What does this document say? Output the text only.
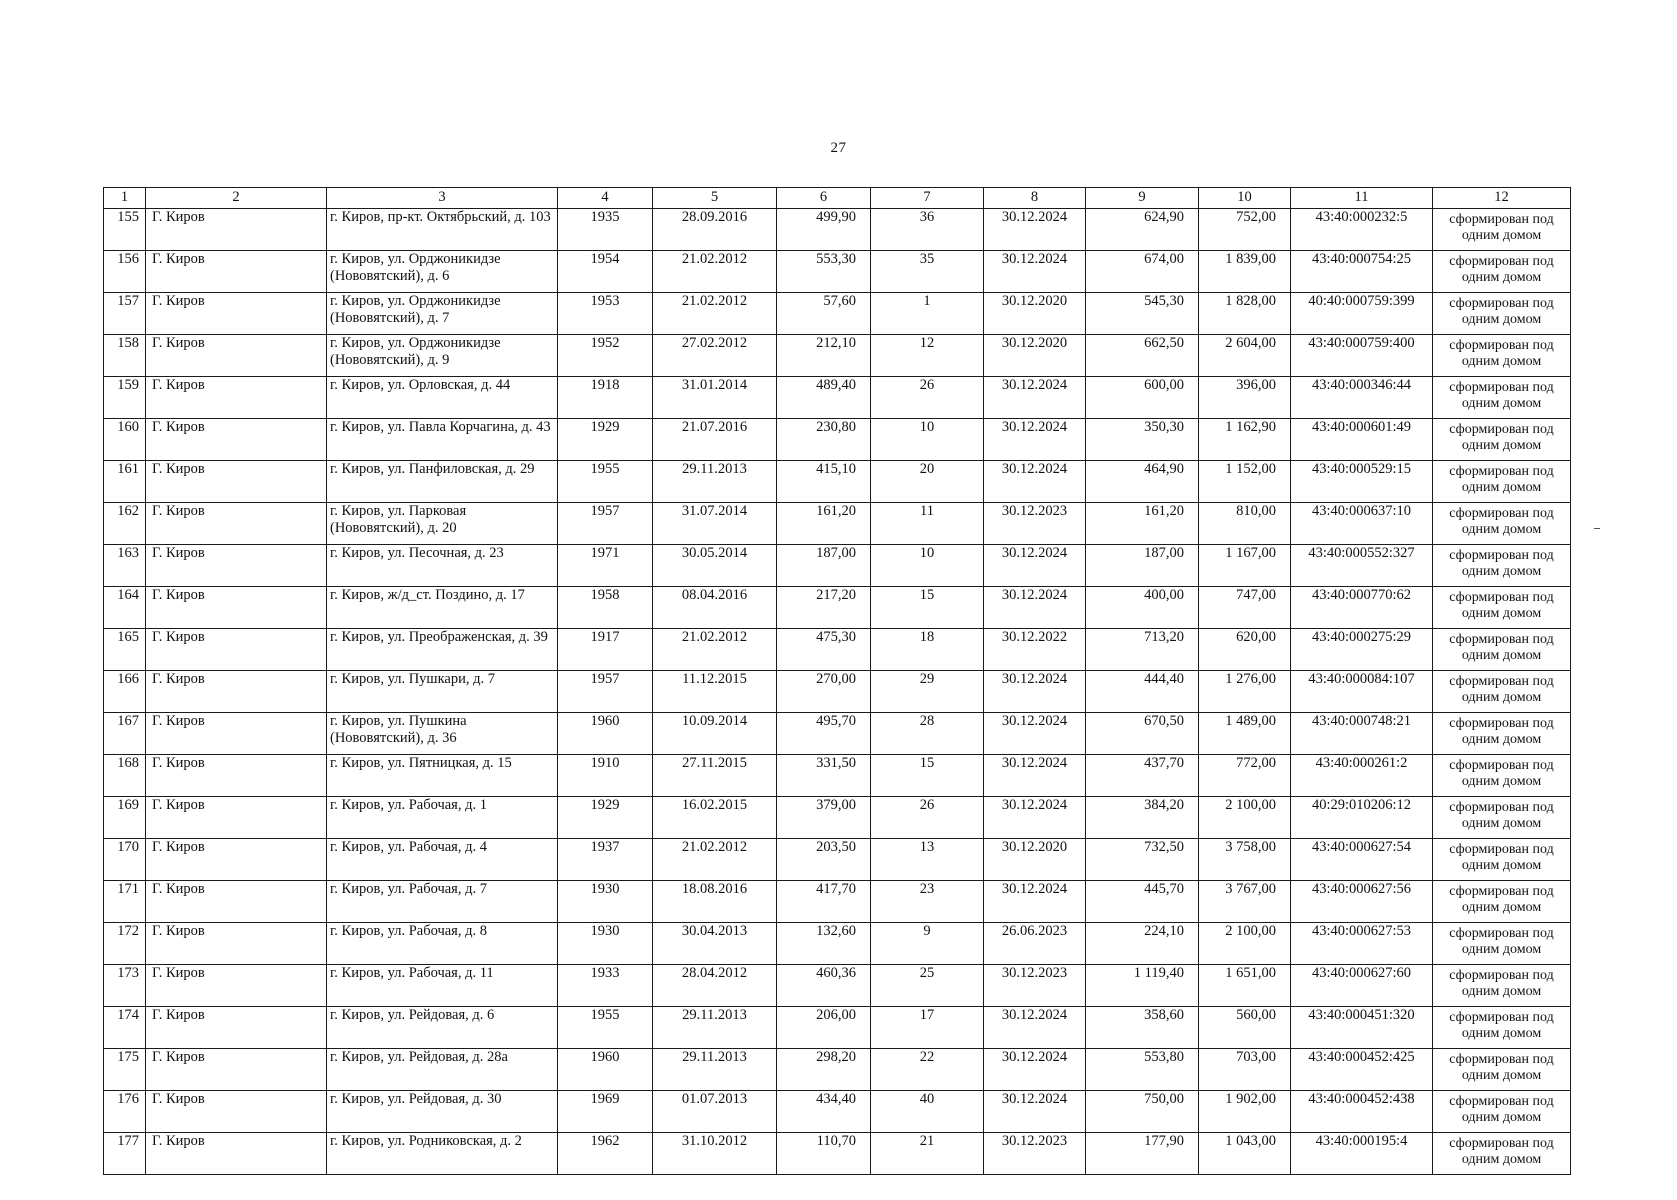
27
1	2	3	4	5	6	7	8	9	10	11	12
155	Г. Киров	г. Киров, пр-кт. Октябрьский, д. 103	1935	28.09.2016	499,90	36	30.12.2024	624,90	752,00	43:40:000232:5	сформирован под одним домом
156	Г. Киров	г. Киров, ул. Орджоникидзе (Нововятский), д. 6	1954	21.02.2012	553,30	35	30.12.2024	674,00	1 839,00	43:40:000754:25	сформирован под одним домом
157	Г. Киров	г. Киров, ул. Орджоникидзе (Нововятский), д. 7	1953	21.02.2012	57,60	1	30.12.2020	545,30	1 828,00	40:40:000759:399	сформирован под одним домом
158	Г. Киров	г. Киров, ул. Орджоникидзе (Нововятский), д. 9	1952	27.02.2012	212,10	12	30.12.2020	662,50	2 604,00	43:40:000759:400	сформирован под одним домом
159	Г. Киров	г. Киров, ул. Орловская, д. 44	1918	31.01.2014	489,40	26	30.12.2024	600,00	396,00	43:40:000346:44	сформирован под одним домом
160	Г. Киров	г. Киров, ул. Павла Корчагина, д. 43	1929	21.07.2016	230,80	10	30.12.2024	350,30	1 162,90	43:40:000601:49	сформирован под одним домом
161	Г. Киров	г. Киров, ул. Панфиловская, д. 29	1955	29.11.2013	415,10	20	30.12.2024	464,90	1 152,00	43:40:000529:15	сформирован под одним домом
162	Г. Киров	г. Киров, ул. Парковая (Нововятский), д. 20	1957	31.07.2014	161,20	11	30.12.2023	161,20	810,00	43:40:000637:10	сформирован под одним домом
163	Г. Киров	г. Киров, ул. Песочная, д. 23	1971	30.05.2014	187,00	10	30.12.2024	187,00	1 167,00	43:40:000552:327	сформирован под одним домом
164	Г. Киров	г. Киров, ж/д_ст. Поздино, д. 17	1958	08.04.2016	217,20	15	30.12.2024	400,00	747,00	43:40:000770:62	сформирован под одним домом
165	Г. Киров	г. Киров, ул. Преображенская, д. 39	1917	21.02.2012	475,30	18	30.12.2022	713,20	620,00	43:40:000275:29	сформирован под одним домом
166	Г. Киров	г. Киров, ул. Пушкари, д. 7	1957	11.12.2015	270,00	29	30.12.2024	444,40	1 276,00	43:40:000084:107	сформирован под одним домом
167	Г. Киров	г. Киров, ул. Пушкина (Нововятский), д. 36	1960	10.09.2014	495,70	28	30.12.2024	670,50	1 489,00	43:40:000748:21	сформирован под одним домом
168	Г. Киров	г. Киров, ул. Пятницкая, д. 15	1910	27.11.2015	331,50	15	30.12.2024	437,70	772,00	43:40:000261:2	сформирован под одним домом
169	Г. Киров	г. Киров, ул. Рабочая, д. 1	1929	16.02.2015	379,00	26	30.12.2024	384,20	2 100,00	40:29:010206:12	сформирован под одним домом
170	Г. Киров	г. Киров, ул. Рабочая, д. 4	1937	21.02.2012	203,50	13	30.12.2020	732,50	3 758,00	43:40:000627:54	сформирован под одним домом
171	Г. Киров	г. Киров, ул. Рабочая, д. 7	1930	18.08.2016	417,70	23	30.12.2024	445,70	3 767,00	43:40:000627:56	сформирован под одним домом
172	Г. Киров	г. Киров, ул. Рабочая, д. 8	1930	30.04.2013	132,60	9	26.06.2023	224,10	2 100,00	43:40:000627:53	сформирован под одним домом
173	Г. Киров	г. Киров, ул. Рабочая, д. 11	1933	28.04.2012	460,36	25	30.12.2023	1 119,40	1 651,00	43:40:000627:60	сформирован под одним домом
174	Г. Киров	г. Киров, ул. Рейдовая, д. 6	1955	29.11.2013	206,00	17	30.12.2024	358,60	560,00	43:40:000451:320	сформирован под одним домом
175	Г. Киров	г. Киров, ул. Рейдовая, д. 28а	1960	29.11.2013	298,20	22	30.12.2024	553,80	703,00	43:40:000452:425	сформирован под одним домом
176	Г. Киров	г. Киров, ул. Рейдовая, д. 30	1969	01.07.2013	434,40	40	30.12.2024	750,00	1 902,00	43:40:000452:438	сформирован под одним домом
177	Г. Киров	г. Киров, ул. Родниковская, д. 2	1962	31.10.2012	110,70	21	30.12.2023	177,90	1 043,00	43:40:000195:4	сформирован под одним домом
